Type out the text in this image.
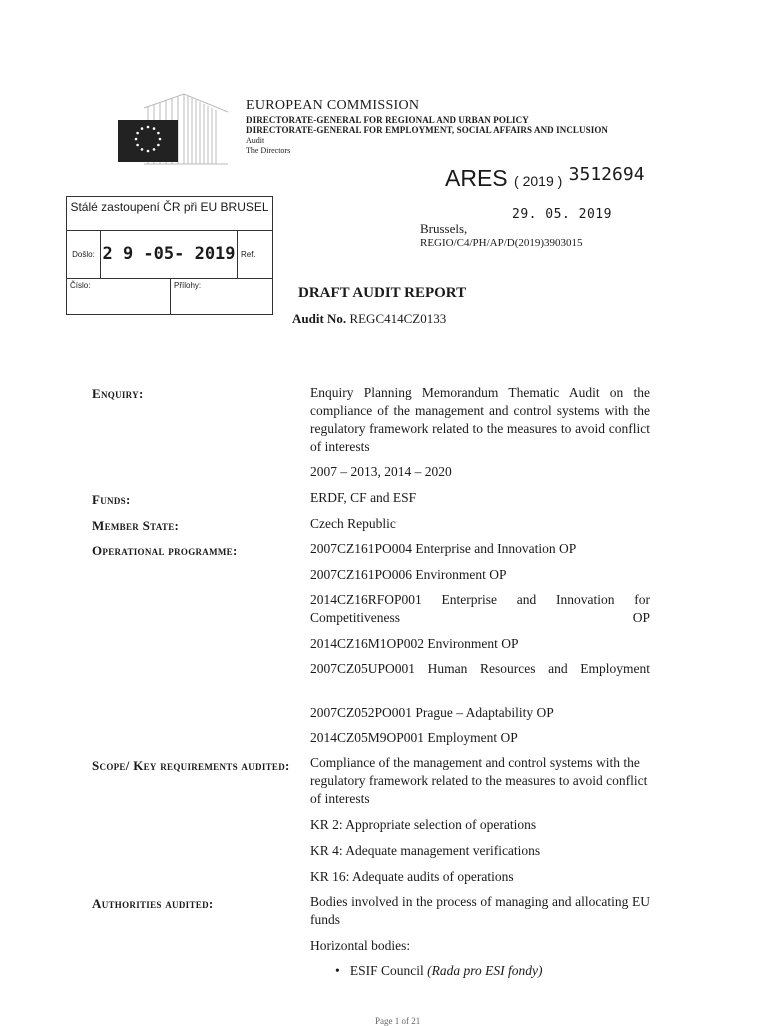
EUROPEAN COMMISSION
DIRECTORATE-GENERAL FOR REGIONAL AND URBAN POLICY
DIRECTORATE-GENERAL FOR EMPLOYMENT, SOCIAL AFFAIRS AND INCLUSION
Audit
The Directors
ARES ( 2019 ) $^{3512694}$
Stálé zastoupení ČR při EU BRUSEL
Došlo: 2 9 -05- 2019 Ref.
Číslo:	Přílohy:
29. 05. 2019
Brussels,
REGIO/C4/PH/AP/D(2019)3903015
DRAFT AUDIT REPORT
Audit No. REGC414CZ0133
Enquiry:	Enquiry Planning Memorandum Thematic Audit on the compliance of the management and control systems with the regulatory framework related to the measures to avoid conflict of interests
2007 – 2013, 2014 – 2020
Funds:	ERDF, CF and ESF
Member State:	Czech Republic
Operational programme:	2007CZ161PO004 Enterprise and Innovation OP
2007CZ161PO006 Environment OP
2014CZ16RFOP001 Enterprise and Innovation for Competitiveness OP
2014CZ16M1OP002 Environment OP
2007CZ05UPO001 Human Resources and Employment
2007CZ052PO001 Prague – Adaptability OP
2014CZ05M9OP001 Employment OP
Scope/ Key requirements audited:	Compliance of the management and control systems with the regulatory framework related to the measures to avoid conflict of interests
KR 2: Appropriate selection of operations
KR 4: Adequate management verifications
KR 16: Adequate audits of operations
Authorities audited:	Bodies involved in the process of managing and allocating EU funds
Horizontal bodies:
• ESIF Council (Rada pro ESI fondy)
Page 1 of 21
